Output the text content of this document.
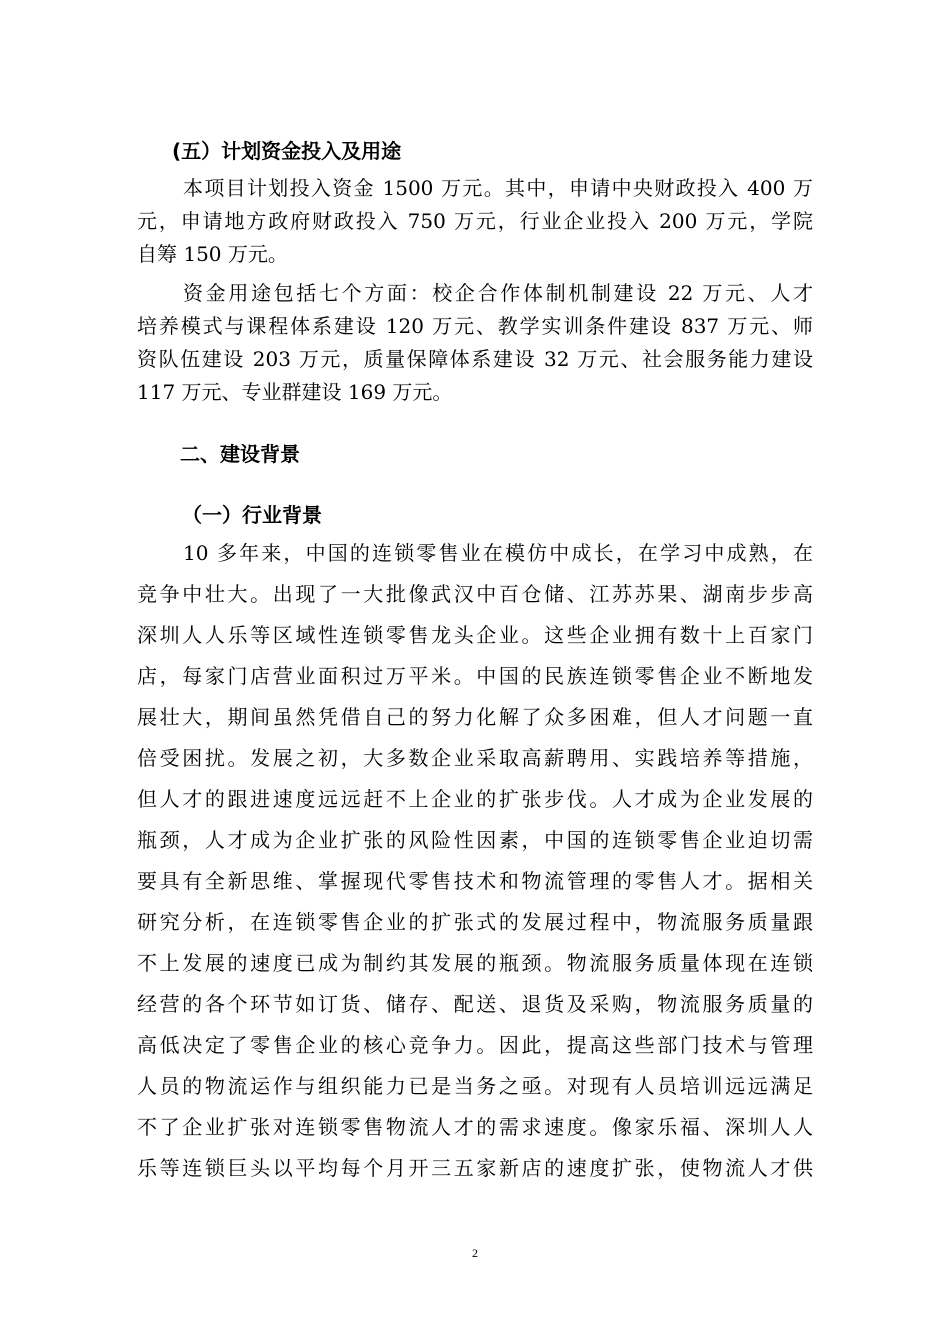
(五）计划资金投入及用途
本项目计划投入资金 1500 万元。其中，申请中央财政投入 400 万
元，申请地方政府财政投入 750 万元，行业企业投入 200 万元，学院
自筹 150 万元。
资金用途包括七个方面：校企合作体制机制建设 22 万元、人才
培养模式与课程体系建设 120 万元、教学实训条件建设 837 万元、师
资队伍建设 203 万元，质量保障体系建设 32 万元、社会服务能力建设
117 万元、专业群建设 169 万元。
二、建设背景
（一）行业背景
10 多年来，中国的连锁零售业在模仿中成长，在学习中成熟，在
竞争中壮大。出现了一大批像武汉中百仓储、江苏苏果、湖南步步高
深圳人人乐等区域性连锁零售龙头企业。这些企业拥有数十上百家门
店，每家门店营业面积过万平米。中国的民族连锁零售企业不断地发
展壮大，期间虽然凭借自己的努力化解了众多困难，但人才问题一直
倍受困扰。发展之初，大多数企业采取高薪聘用、实践培养等措施，
但人才的跟进速度远远赶不上企业的扩张步伐。人才成为企业发展的
瓶颈，人才成为企业扩张的风险性因素，中国的连锁零售企业迫切需
要具有全新思维、掌握现代零售技术和物流管理的零售人才。据相关
研究分析，在连锁零售企业的扩张式的发展过程中，物流服务质量跟
不上发展的速度已成为制约其发展的瓶颈。物流服务质量体现在连锁
经营的各个环节如订货、储存、配送、退货及采购，物流服务质量的
高低决定了零售企业的核心竞争力。因此，提高这些部门技术与管理
人员的物流运作与组织能力已是当务之亟。对现有人员培训远远满足
不了企业扩张对连锁零售物流人才的需求速度。像家乐福、深圳人人
乐等连锁巨头以平均每个月开三五家新店的速度扩张，使物流人才供
2
